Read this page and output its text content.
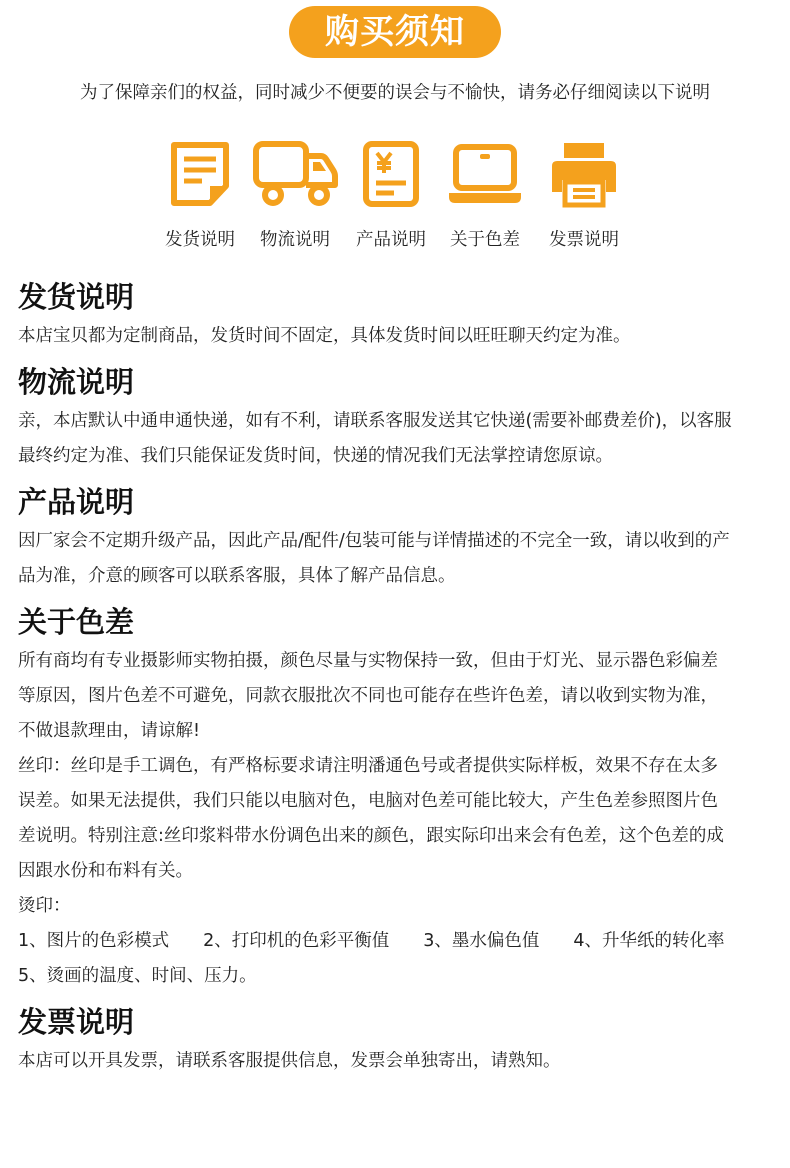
购买须知

为了保障亲们的权益，同时减少不便要的误会与不愉快，请务必仔细阅读以下说明

发货说明	物流说明	产品说明	关于色差	发票说明
发货说明

本店宝贝都为定制商品，发货时间不固定，具体发货时间以旺旺聊天约定为准。

物流说明

亲，本店默认中通申通快递，如有不利，请联系客服发送其它快递(需要补邮费差价)，以客服

最终约定为准、我们只能保证发货时间，快递的情况我们无法掌控请您原谅。

产品说明

因厂家会不定期升级产品，因此产品/配件/包装可能与详情描述的不完全一致，请以收到的产

品为准，介意的顾客可以联系客服，具体了解产品信息。

关于色差

所有商均有专业摄影师实物拍摄，颜色尽量与实物保持一致，但由于灯光、显示器色彩偏差

等原因，图片色差不可避免，同款衣服批次不同也可能存在些许色差，请以收到实物为准，

不做退款理由，请谅解!

丝印：丝印是手工调色，有严格标要求请注明潘通色号或者提供实际样板，效果不存在太多

误差。如果无法提供，我们只能以电脑对色，电脑对色差可能比较大，产生色差参照图片色

差说明。特别注意:丝印浆料带水份调色出来的颜色，跟实际印出来会有色差，这个色差的成

因跟水份和布料有关。

烫印：

1、图片的色彩模式 2、打印机的色彩平衡值 3、墨水偏色值 4、升华纸的转化率

5、烫画的温度、时间、压力。

发票说明

本店可以开具发票，请联系客服提供信息，发票会单独寄出，请熟知。
